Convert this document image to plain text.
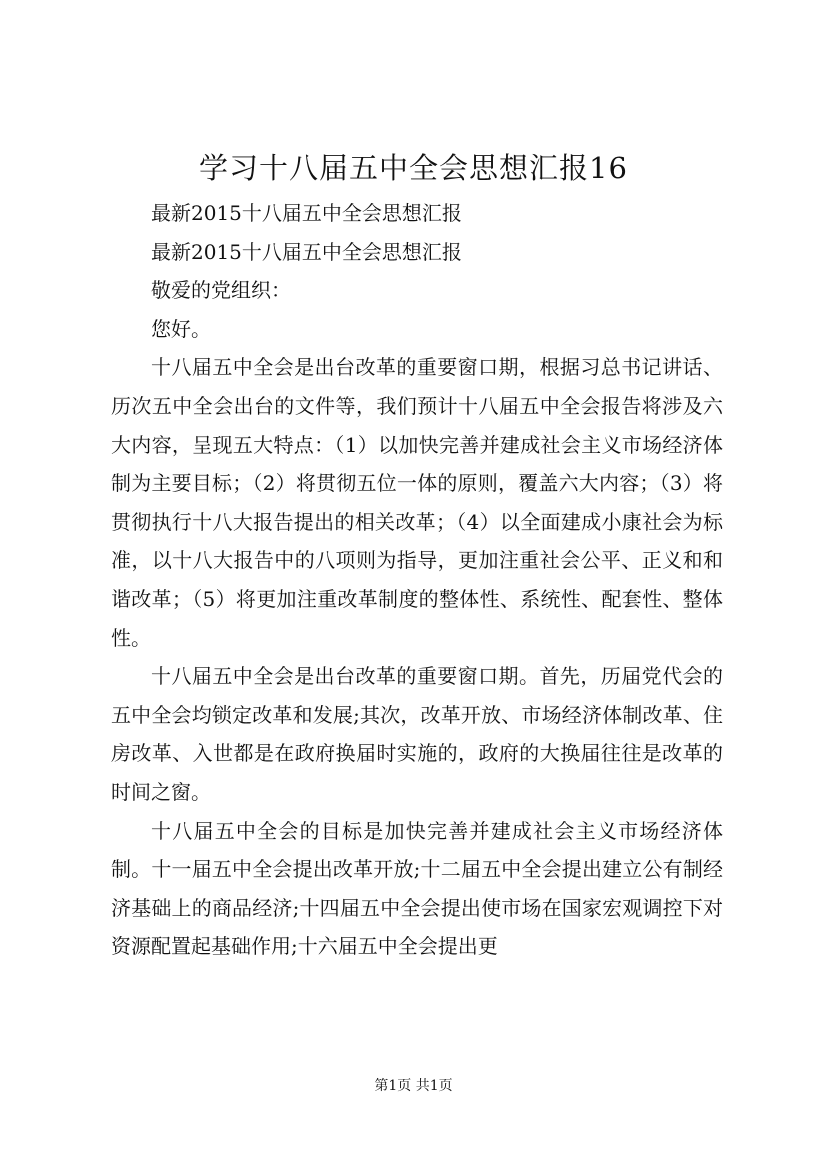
学习十八届五中全会思想汇报16

最新2015十八届五中全会思想汇报

最新2015十八届五中全会思想汇报

敬爱的党组织：

您好。

十八届五中全会是出台改革的重要窗口期，根据习总书记讲话、历次五中全会出台的文件等，我们预计十八届五中全会报告将涉及六大内容，呈现五大特点：（1）以加快完善并建成社会主义市场经济体制为主要目标；（2）将贯彻五位一体的原则，覆盖六大内容；（3）将贯彻执行十八大报告提出的相关改革；（4）以全面建成小康社会为标准，以十八大报告中的八项则为指导，更加注重社会公平、正义和和谐改革；（5）将更加注重改革制度的整体性、系统性、配套性、整体性。

十八届五中全会是出台改革的重要窗口期。首先，历届党代会的五中全会均锁定改革和发展;其次，改革开放、市场经济体制改革、住房改革、入世都是在政府换届时实施的，政府的大换届往往是改革的时间之窗。

十八届五中全会的目标是加快完善并建成社会主义市场经济体制。十一届五中全会提出改革开放;十二届五中全会提出建立公有制经济基础上的商品经济;十四届五中全会提出使市场在国家宏观调控下对资源配置起基础作用;十六届五中全会提出更

第1页 共1页
